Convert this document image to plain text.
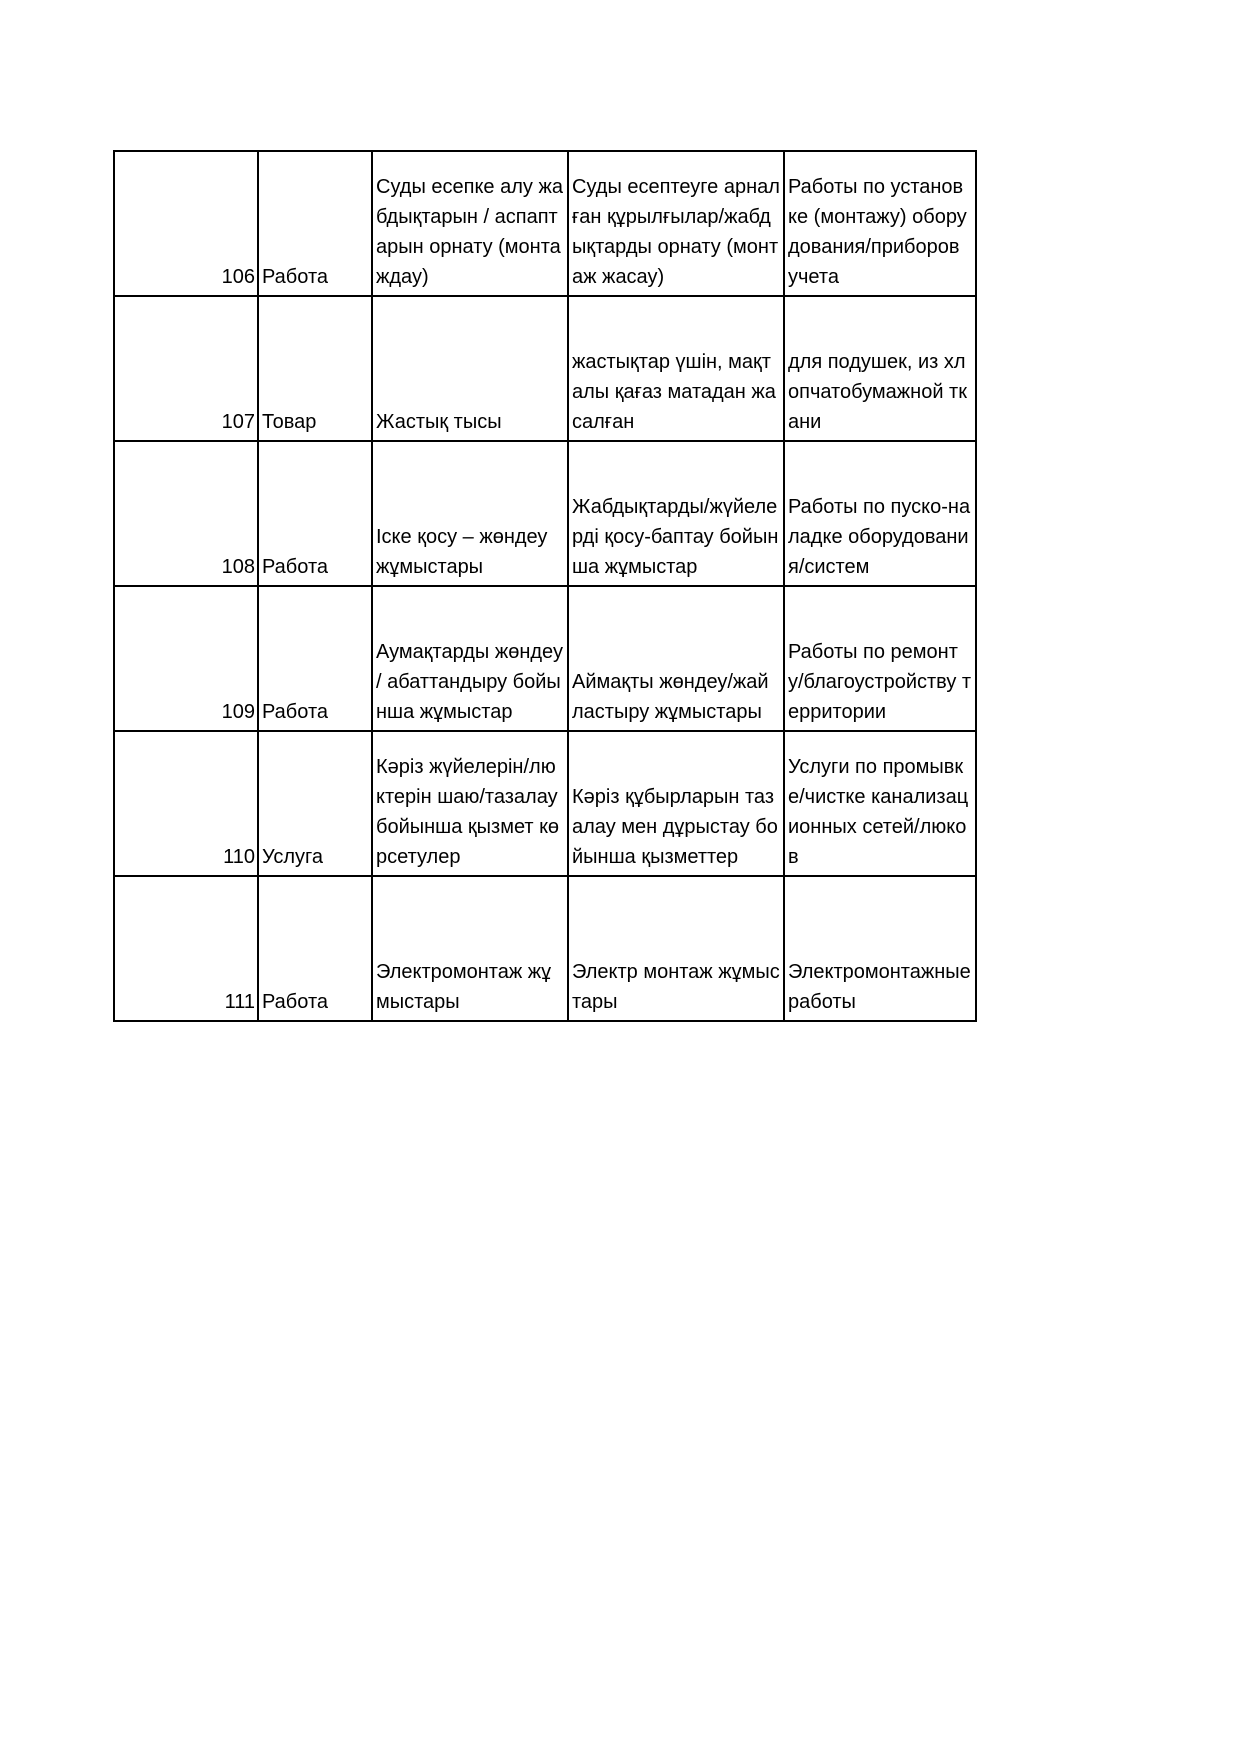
106	Работа	Суды есепке алу жабдықтарын / аспаптарын орнату (монтаждау)	Суды есептеуге арналған құрылғылар/жабдықтарды орнату (монтаж жасау)	Работы по установке (монтажу) оборудования/приборов учета

107	Товар	Жастық тысы	жастықтар үшін, мақталы қағаз матадан жасалған	для подушек, из хлопчатобумажной ткани

108	Работа	Іске қосу – жөндеу жұмыстары	Жабдықтарды/жүйелерді қосу-баптау бойынша жұмыстар	Работы по пуско-наладке оборудования/систем

109	Работа	Аумақтарды жөндеу / абаттандыру бойынша жұмыстар	Аймақты жөндеу/жайластыру жұмыстары	Работы по ремонту/благоустройству территории

110	Услуга	Кәріз жүйелерін/люктерін шаю/тазалау бойынша қызмет көрсетулер	Кәріз құбырларын тазалау мен дұрыстау бойынша қызметтер	Услуги по промывке/чистке канализационных сетей/люков

111	Работа	Электромонтаж жұмыстары	Электр монтаж жұмыстары	Электромонтажные работы
